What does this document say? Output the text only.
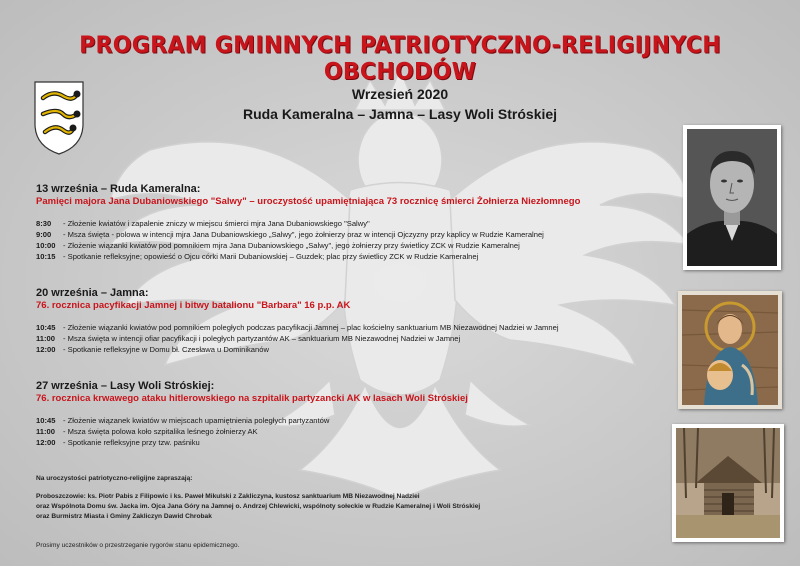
PROGRAM GMINNYCH PATRIOTYCZNO-RELIGIJNYCH OBCHODÓW
Wrzesień 2020
Ruda Kameralna – Jamna – Lasy Woli Stróskiej
13 września – Ruda Kameralna:
Pamięci majora Jana Dubaniowskiego "Salwy" – uroczystość upamiętniająca 73 rocznicę śmierci Żołnierza Niezłomnego
8:30 - Złożenie kwiatów i zapalenie zniczy w miejscu śmierci mjra Jana Dubaniowskiego "Salwy"
9:00 - Msza święta - polowa w intencji mjra Jana Dubaniowskiego „Salwy", jego żołnierzy oraz w intencji Ojczyzny przy kaplicy w Rudzie Kameralnej
10:00 - Złożenie wiązanki kwiatów pod pomnikiem mjra Jana Dubaniowskiego „Salwy", jego żołnierzy przy świetlicy ZCK w Rudzie Kameralnej
10:15 - Spotkanie refleksyjne; opowieść o Ojcu córki Marii Dubaniowskiej – Guzdek; plac przy świetlicy ZCK w Rudzie Kameralnej
20 września – Jamna:
76. rocznica pacyfikacji Jamnej i bitwy batalionu "Barbara" 16 p.p. AK
10:45 - Złożenie wiązanki kwiatów pod pomnikiem poległych podczas pacyfikacji Jamnej – plac kościelny sanktuarium MB Niezawodnej Nadziei w Jamnej
11:00 - Msza święta w intencji ofiar pacyfikacji i poległych partyzantów AK – sanktuarium MB Niezawodnej Nadziei w Jamnej
12:00 - Spotkanie refleksyjne w Domu bł. Czesława u Dominikanów
27 września – Lasy Woli Stróskiej:
76. rocznica krwawego ataku hitlerowskiego na szpitalik partyzancki AK w lasach Woli Stróskiej
10:45 - Złożenie wiązanek kwiatów w miejscach upamiętnienia poległych partyzantów
11:00 - Msza święta polowa koło szpitalika leśnego żołnierzy AK
12:00 - Spotkanie refleksyjne przy tzw. paśniku
Na uroczystości patriotyczno-religijne zapraszają:
Proboszczowie: ks. Piotr Pabis z Filipowic i ks. Paweł Mikulski z Zakliczyna, kustosz sanktuarium MB Niezawodnej Nadziei
oraz Wspólnota Domu św. Jacka im. Ojca Jana Góry na Jamnej o. Andrzej Chlewicki, wspólnoty sołeckie w Rudzie Kameralnej i Woli Stróskiej
oraz Burmistrz Miasta i Gminy Zakliczyn Dawid Chrobak
Prosimy uczestników o przestrzeganie rygorów stanu epidemicznego.
